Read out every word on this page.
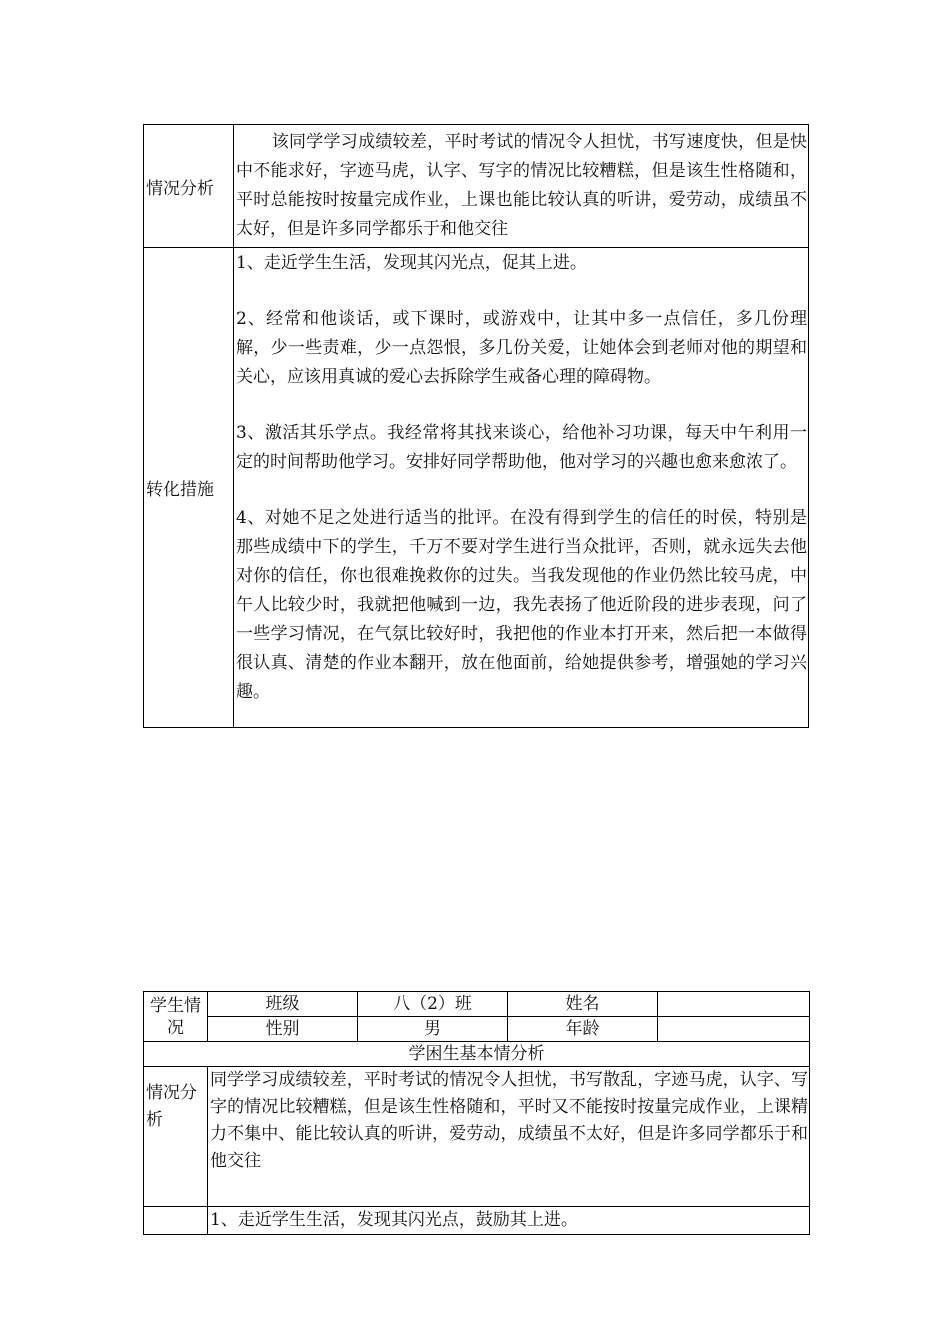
情况分析	该同学学习成绩较差，平时考试的情况令人担忧，书写速度快，但是快中不能求好，字迹马虎，认字、写字的情况比较糟糕，但是该生性格随和，平时总能按时按量完成作业，上课也能比较认真的听讲，爱劳动，成绩虽不太好，但是许多同学都乐于和他交往

转化措施	1、走近学生生活，发现其闪光点，促其上进。

2、经常和他谈话，或下课时，或游戏中，让其中多一点信任，多几份理解，少一些责难，少一点怨恨，多几份关爱，让她体会到老师对他的期望和关心，应该用真诚的爱心去拆除学生戒备心理的障碍物。

3、激活其乐学点。我经常将其找来谈心，给他补习功课，每天中午利用一定的时间帮助他学习。安排好同学帮助他，他对学习的兴趣也愈来愈浓了。

4、对她不足之处进行适当的批评。在没有得到学生的信任的时侯，特别是那些成绩中下的学生，千万不要对学生进行当众批评，否则，就永远失去他对你的信任，你也很难挽救你的过失。当我发现他的作业仍然比较马虎，中午人比较少时，我就把他喊到一边，我先表扬了他近阶段的进步表现，问了一些学习情况，在气氛比较好时，我把他的作业本打开来，然后把一本做得很认真、清楚的作业本翻开，放在他面前，给她提供参考，增强她的学习兴趣。

学生情
况	班级	八（2）班	姓名	
	性别	男	年龄	
学困生基本情分析				

情况分
析	同学学习成绩较差，平时考试的情况令人担忧，书写散乱，字迹马虎，认字、写字的情况比较糟糕，但是该生性格随和，平时又不能按时按量完成作业，上课精力不集中、能比较认真的听讲，爱劳动，成绩虽不太好，但是许多同学都乐于和他交往			
	1、走近学生生活，发现其闪光点，鼓励其上进。			
